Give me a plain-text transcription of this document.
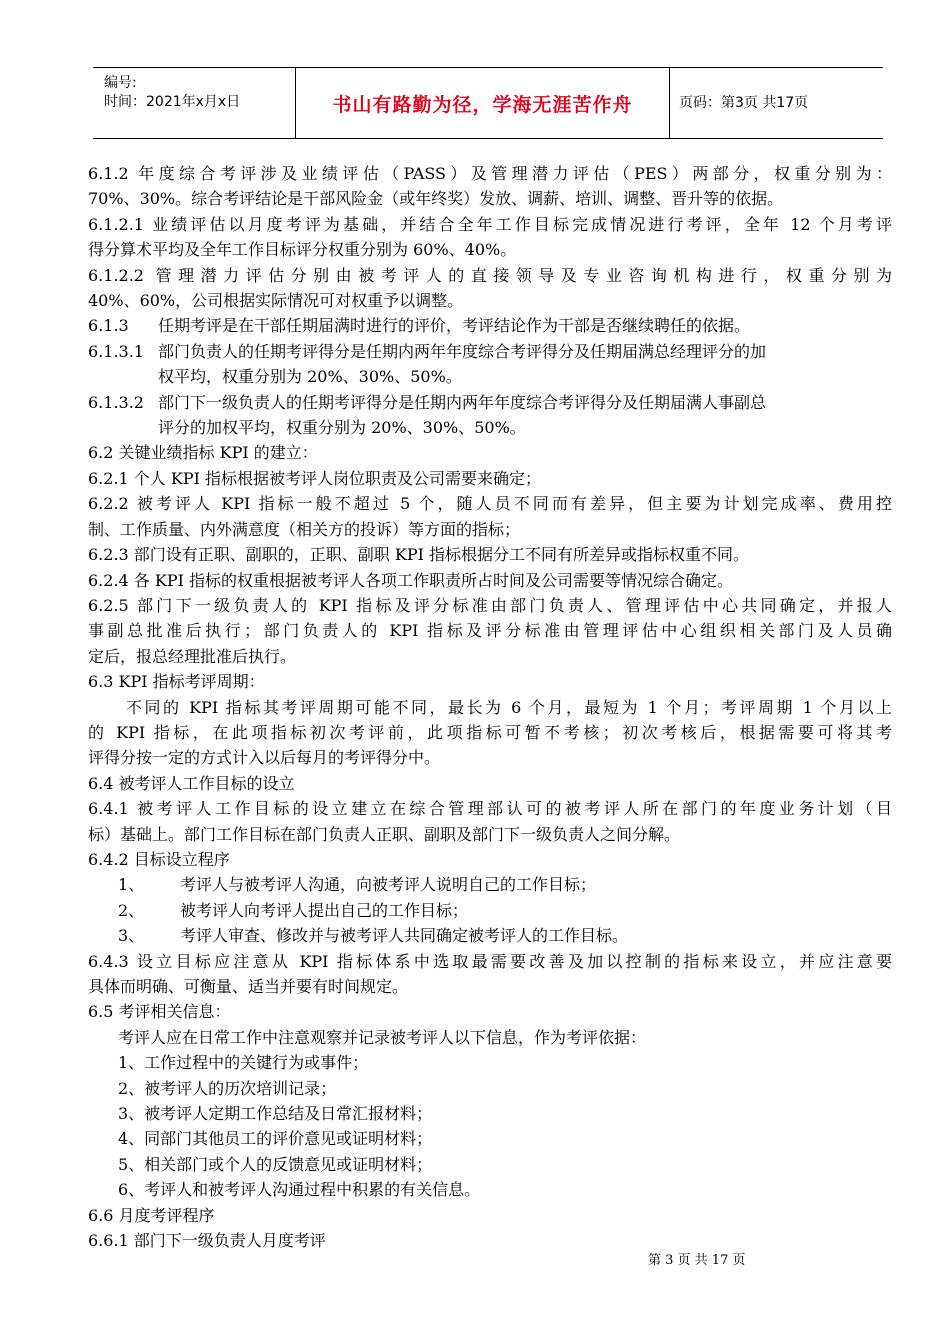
编号:
时间：2021年x月x日	书山有路勤为径，学海无涯苦作舟	页码：第3页 共17页

6.1.2 年度综合考评涉及业绩评估（PASS）及管理潜力评估（PES）两部分，权重分别为：

70%、30%。综合考评结论是干部风险金（或年终奖）发放、调薪、培训、调整、晋升等的依据。

6.1.2.1 业绩评估以月度考评为基础，并结合全年工作目标完成情况进行考评，全年 12 个月考评

得分算术平均及全年工作目标评分权重分别为 60%、40%。

6.1.2.2 管理潜力评估分别由被考评人的直接领导及专业咨询机构进行，权重分别为

40%、60%，公司根据实际情况可对权重予以调整。

6.1.3 任期考评是在干部任期届满时进行的评价，考评结论作为干部是否继续聘任的依据。

6.1.3.1 部门负责人的任期考评得分是任期内两年年度综合考评得分及任期届满总经理评分的加

权平均，权重分别为 20%、30%、50%。

6.1.3.2 部门下一级负责人的任期考评得分是任期内两年年度综合考评得分及任期届满人事副总

评分的加权平均，权重分别为 20%、30%、50%。

6.2 关键业绩指标 KPI 的建立：

6.2.1 个人 KPI 指标根据被考评人岗位职责及公司需要来确定；

6.2.2 被考评人 KPI 指标一般不超过 5 个，随人员不同而有差异，但主要为计划完成率、费用控

制、工作质量、内外满意度（相关方的投诉）等方面的指标；

6.2.3 部门设有正职、副职的，正职、副职 KPI 指标根据分工不同有所差异或指标权重不同。

6.2.4 各 KPI 指标的权重根据被考评人各项工作职责所占时间及公司需要等情况综合确定。

6.2.5 部门下一级负责人的 KPI 指标及评分标准由部门负责人、管理评估中心共同确定，并报人

事副总批准后执行；部门负责人的 KPI 指标及评分标准由管理评估中心组织相关部门及人员确

定后，报总经理批准后执行。

6.3 KPI 指标考评周期：

不同的 KPI 指标其考评周期可能不同，最长为 6 个月，最短为 1 个月；考评周期 1 个月以上

的 KPI 指标，在此项指标初次考评前，此项指标可暂不考核；初次考核后，根据需要可将其考

评得分按一定的方式计入以后每月的考评得分中。

6.4 被考评人工作目标的设立

6.4.1 被考评人工作目标的设立建立在综合管理部认可的被考评人所在部门的年度业务计划（目

标）基础上。部门工作目标在部门负责人正职、副职及部门下一级负责人之间分解。

6.4.2 目标设立程序

1、 考评人与被考评人沟通，向被考评人说明自己的工作目标；

2、 被考评人向考评人提出自己的工作目标；

3、 考评人审查、修改并与被考评人共同确定被考评人的工作目标。

6.4.3 设立目标应注意从 KPI 指标体系中选取最需要改善及加以控制的指标来设立，并应注意要

具体而明确、可衡量、适当并要有时间规定。

6.5 考评相关信息：

考评人应在日常工作中注意观察并记录被考评人以下信息，作为考评依据：

1、工作过程中的关键行为或事件；

2、被考评人的历次培训记录；

3、被考评人定期工作总结及日常汇报材料；

4、同部门其他员工的评价意见或证明材料；

5、相关部门或个人的反馈意见或证明材料；

6、考评人和被考评人沟通过程中积累的有关信息。

6.6 月度考评程序

6.6.1 部门下一级负责人月度考评

第 3 页 共 17 页
